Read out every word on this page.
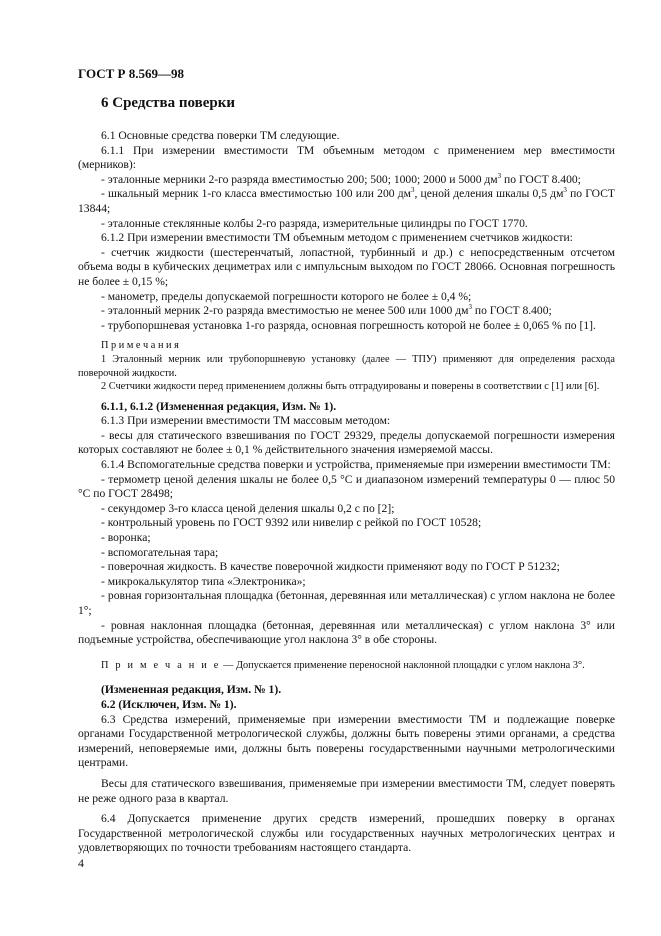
ГОСТ Р 8.569—98
6 Средства поверки

6.1 Основные средства поверки ТМ следующие.

6.1.1 При измерении вместимости ТМ объемным методом с применением мер вместимости (мерников):

- эталонные мерники 2-го разряда вместимостью 200; 500; 1000; 2000 и 5000 $дм^3$ по ГОСТ 8.400;

- шкальный мерник 1-го класса вместимостью 100 или 200 $дм^3$, ценой деления шкалы 0,5 $дм^3$ по ГОСТ 13844;

- эталонные стеклянные колбы 2-го разряда, измерительные цилиндры по ГОСТ 1770.

6.1.2 При измерении вместимости ТМ объемным методом с применением счетчиков жидкости:

- счетчик жидкости (шестеренчатый, лопастной, турбинный и др.) с непосредственным отсчетом объема воды в кубических дециметрах или с импульсным выходом по ГОСТ 28066. Основная погрешность не более ± 0,15 %;

- манометр, пределы допускаемой погрешности которого не более ± 0,4 %;

- эталонный мерник 2-го разряда вместимостью не менее 500 или 1000 $дм^3$ по ГОСТ 8.400;

- трубопоршневая установка 1-го разряда, основная погрешность которой не более ± 0,065 % по [1].

П р и м е ч а н и я

1 Эталонный мерник или трубопоршневую установку (далее — ТПУ) применяют для определения расхода поверочной жидкости.

2 Счетчики жидкости перед применением должны быть отградуированы и поверены в соответствии с [1] или [6].

6.1.1, 6.1.2 (Измененная редакция, Изм. № 1).

6.1.3 При измерении вместимости ТМ массовым методом:

- весы для статического взвешивания по ГОСТ 29329, пределы допускаемой погрешности измерения которых составляют не более ± 0,1 % действительного значения измеряемой массы.

6.1.4 Вспомогательные средства поверки и устройства, применяемые при измерении вместимости ТМ:

- термометр ценой деления шкалы не более 0,5 °С и диапазоном измерений температуры 0 — плюс 50 °С по ГОСТ 28498;

- секундомер 3-го класса ценой деления шкалы 0,2 с по [2];

- контрольный уровень по ГОСТ 9392 или нивелир с рейкой по ГОСТ 10528;

- воронка;

- вспомогательная тара;

- поверочная жидкость. В качестве поверочной жидкости применяют воду по ГОСТ Р 51232;

- микрокалькулятор типа «Электроника»;

- ровная горизонтальная площадка (бетонная, деревянная или металлическая) с углом наклона не более 1°;

- ровная наклонная площадка (бетонная, деревянная или металлическая) с углом наклона 3° или подъемные устройства, обеспечивающие угол наклона 3° в обе стороны.

П р и м е ч а н и е — Допускается применение переносной наклонной площадки с углом наклона 3°.

(Измененная редакция, Изм. № 1).

6.2 (Исключен, Изм. № 1).

6.3 Средства измерений, применяемые при измерении вместимости ТМ и подлежащие поверке органами Государственной метрологической службы, должны быть поверены этими органами, а средства измерений, неповеряемые ими, должны быть поверены государственными научными метрологическими центрами.

Весы для статического взвешивания, применяемые при измерении вместимости ТМ, следует поверять не реже одного раза в квартал.

6.4 Допускается применение других средств измерений, прошедших поверку в органах Государственной метрологической службы или государственных научных метрологических центрах и удовлетворяющих по точности требованиям настоящего стандарта.

4
